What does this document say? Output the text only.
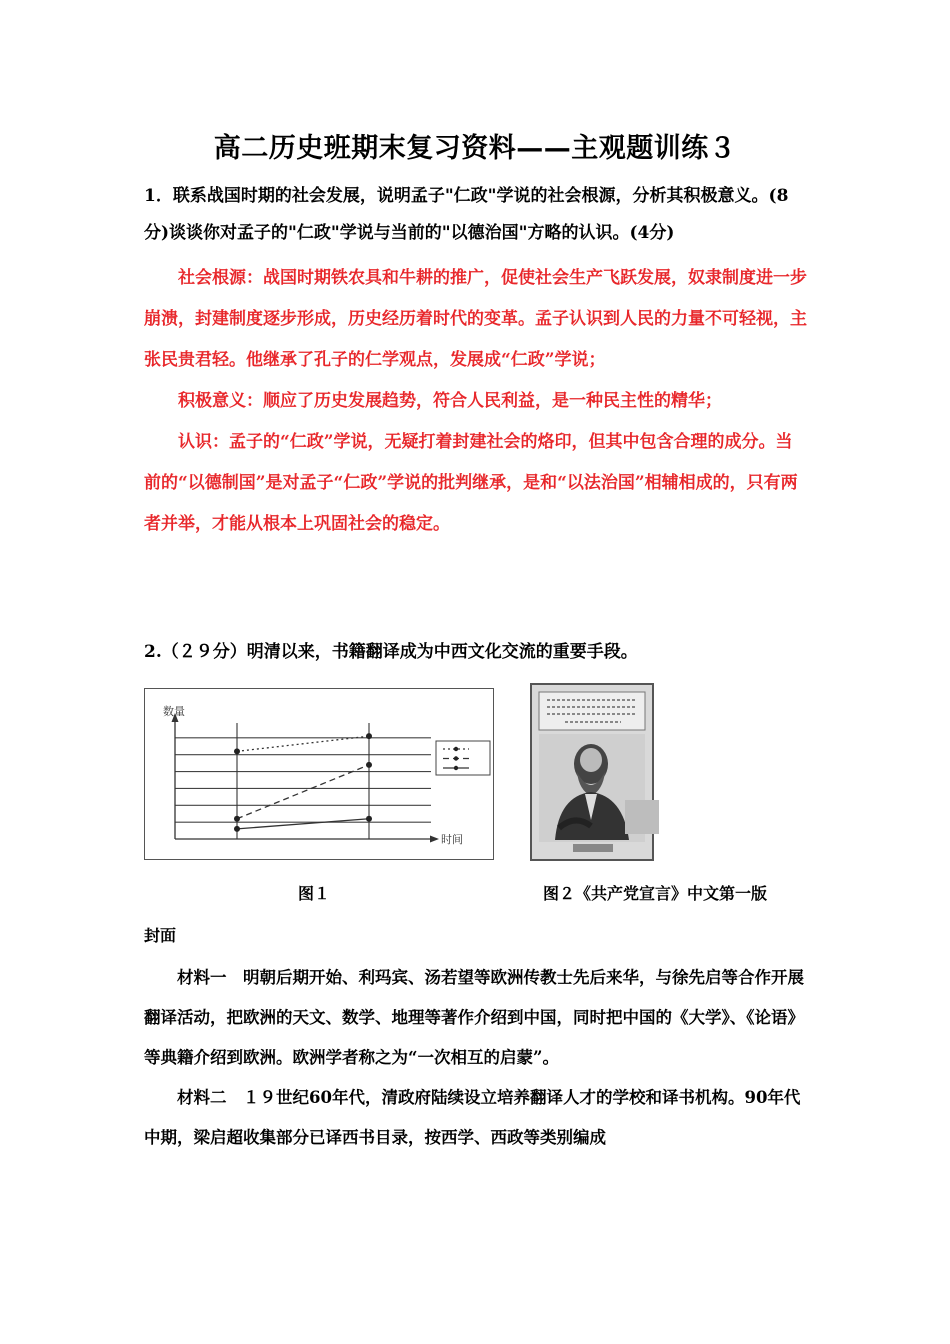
高二历史班期末复习资料——主观题训练３
1．联系战国时期的社会发展，说明孟子"仁政"学说的社会根源，分析其积极意义。(8分)谈谈你对孟子的"仁政"学说与当前的"以德治国"方略的认识。(4分)

社会根源：战国时期铁农具和牛耕的推广，促使社会生产飞跃发展，奴隶制度进一步崩溃，封建制度逐步形成，历史经历着时代的变革。孟子认识到人民的力量不可轻视，主张民贵君轻。他继承了孔子的仁学观点，发展成“仁政”学说；

积极意义：顺应了历史发展趋势，符合人民利益，是一种民主性的精华；

认识：孟子的“仁政”学说，无疑打着封建社会的烙印，但其中包含合理的成分。当前的“以德制国”是对孟子“仁政”学说的批判继承，是和“以法治国”相辅相成的，只有两者并举，才能从根本上巩固社会的稳定。

2.（２９分）明清以来，书籍翻译成为中西文化交流的重要手段。
数量
时间
图１	图２《共产党宣言》中文第一版
封面

材料一　明朝后期开始、利玛宾、汤若望等欧洲传教士先后来华，与徐先启等合作开展翻译活动，把欧洲的天文、数学、地理等著作介绍到中国，同时把中国的《大学》、《论语》等典籍介绍到欧洲。欧洲学者称之为“一次相互的启蒙”。

材料二　１９世纪60年代，清政府陆续设立培养翻译人才的学校和译书机构。90年代中期，梁启超收集部分已译西书目录，按西学、西政等类别编成
